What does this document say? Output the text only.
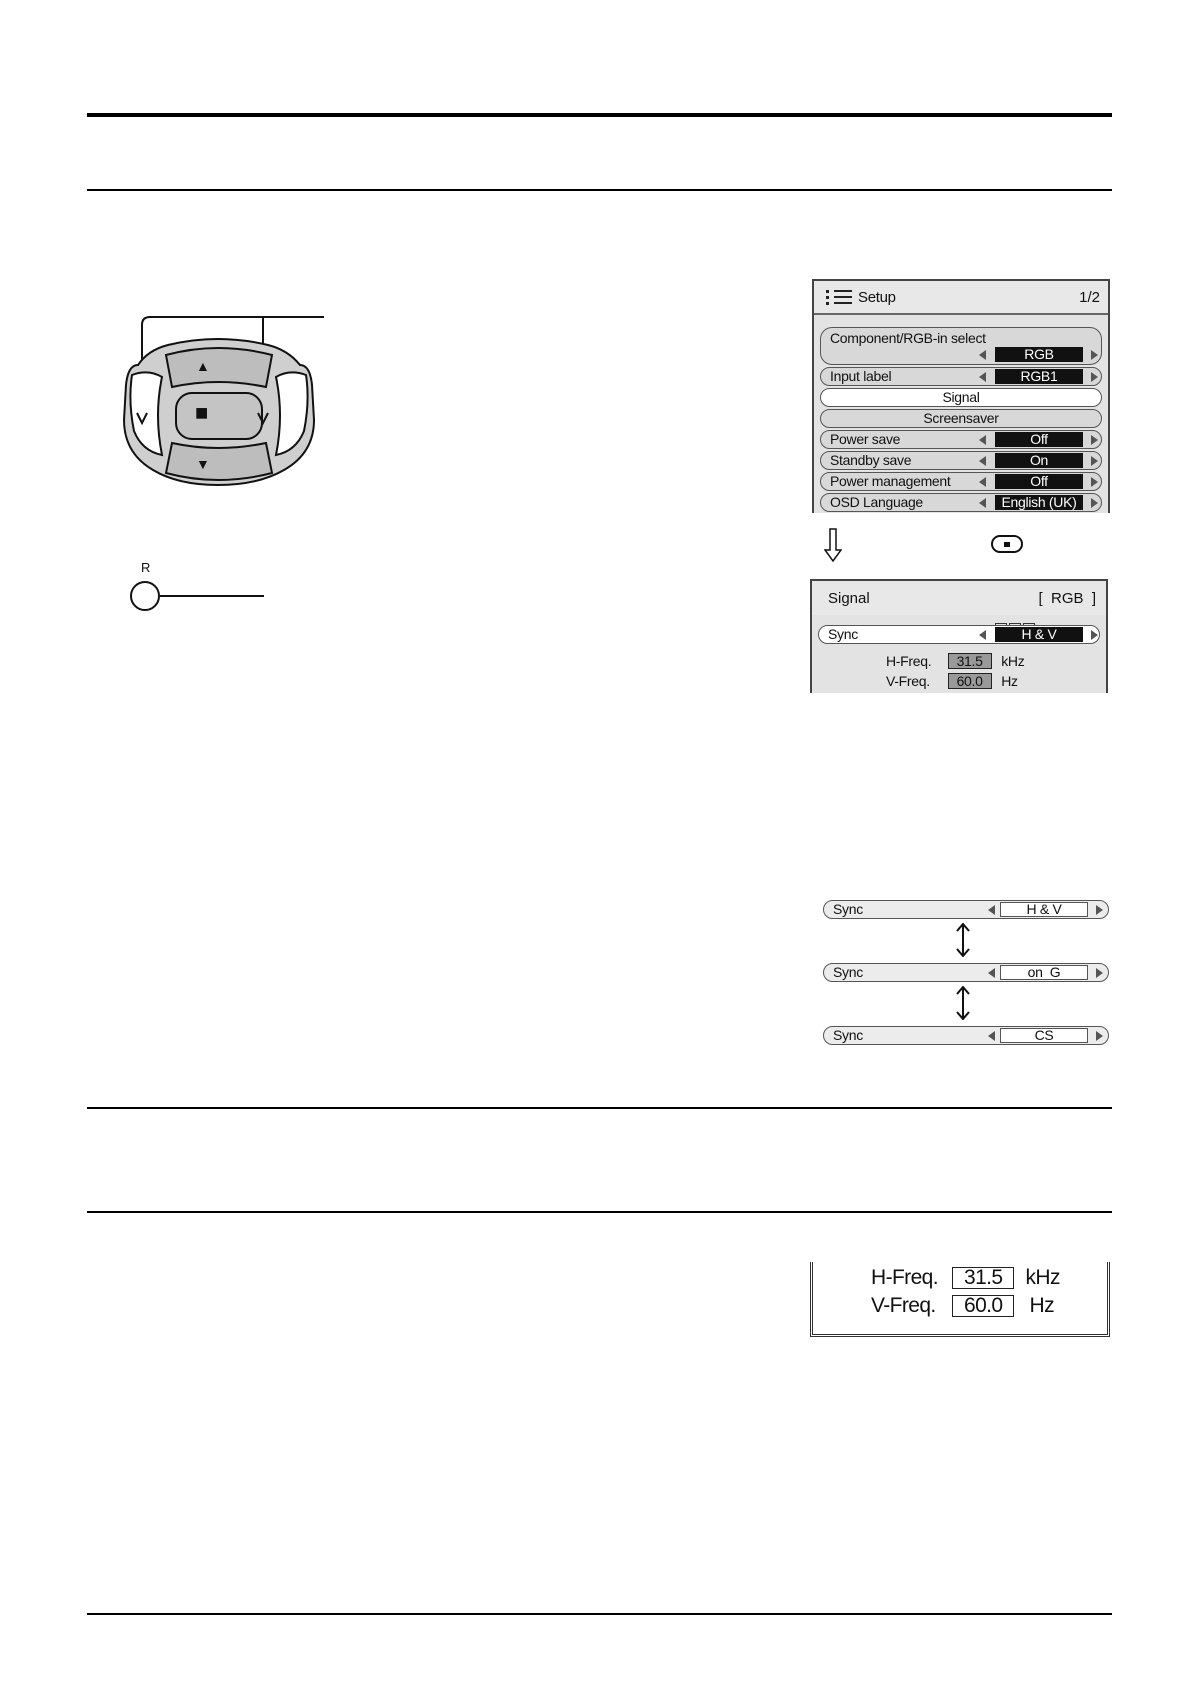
▲
■
▼
R
Setup	1/2
Component/RGB-in select
RGB
Input label	RGB1
Signal
Screensaver
Power save	Off
Standby save	On
Power management	Off
OSD Language	English (UK)
Signal	[  RGB  ]
Sync	H & V
H-Freq. 31.5 kHz
V-Freq. 60.0 Hz
Sync	H & V
Sync	on  G
Sync	CS
H-Freq. 31.5 kHz
V-Freq. 60.0 Hz
